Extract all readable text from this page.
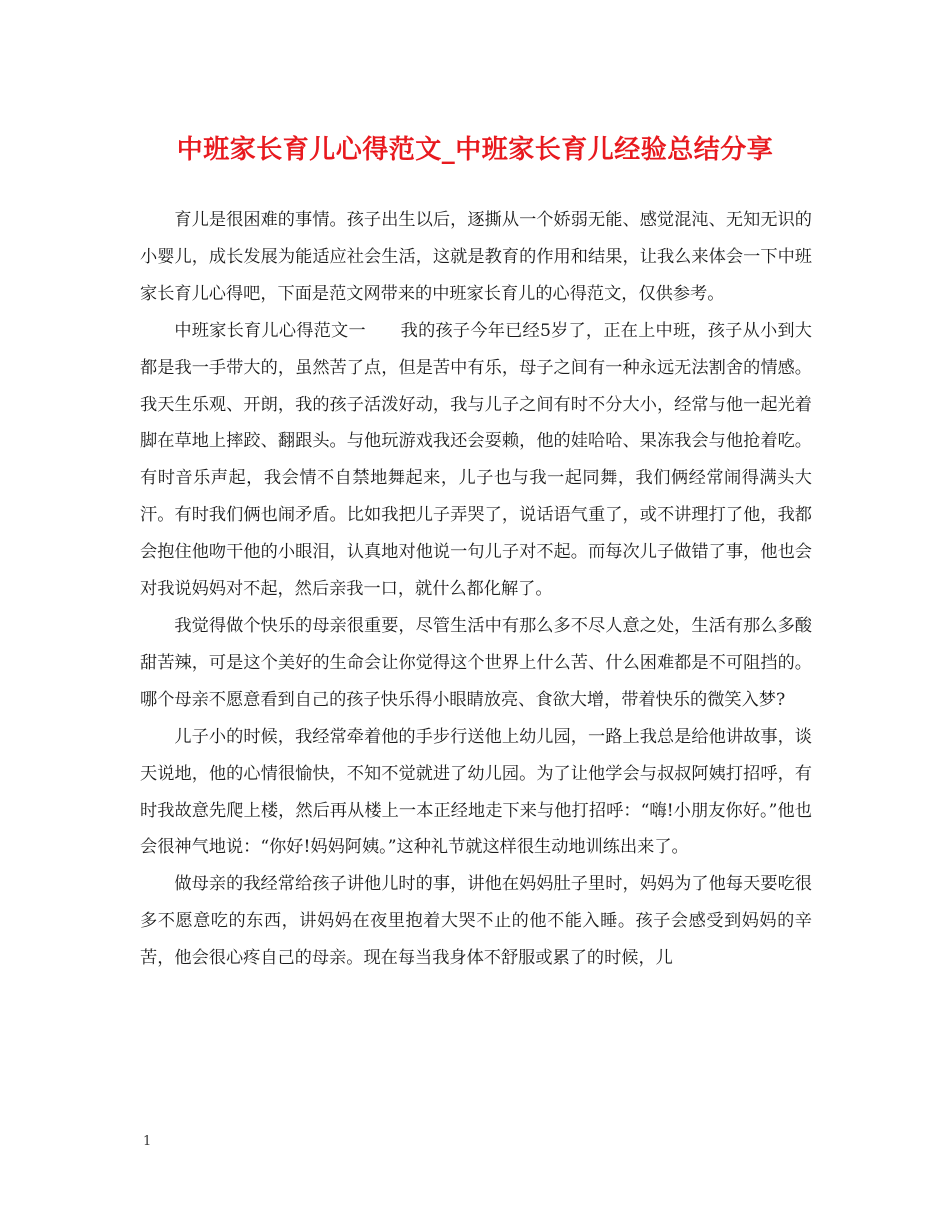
中班家长育儿心得范文_中班家长育儿经验总结分享

育儿是很困难的事情。孩子出生以后，逐撕从一个娇弱无能、感觉混沌、无知无识的小婴儿，成长发展为能适应社会生活，这就是教育的作用和结果，让我么来体会一下中班家长育儿心得吧，下面是范文网带来的中班家长育儿的心得范文，仅供参考。

中班家长育儿心得范文一　　我的孩子今年已经5岁了，正在上中班，孩子从小到大都是我一手带大的，虽然苦了点，但是苦中有乐，母子之间有一种永远无法割舍的情感。我天生乐观、开朗，我的孩子活泼好动，我与儿子之间有时不分大小，经常与他一起光着脚在草地上摔跤、翻跟头。与他玩游戏我还会耍赖，他的娃哈哈、果冻我会与他抢着吃。有时音乐声起，我会情不自禁地舞起来，儿子也与我一起同舞，我们俩经常闹得满头大汗。有时我们俩也闹矛盾。比如我把儿子弄哭了，说话语气重了，或不讲理打了他，我都会抱住他吻干他的小眼泪，认真地对他说一句儿子对不起。而每次儿子做错了事，他也会对我说妈妈对不起，然后亲我一口，就什么都化解了。

我觉得做个快乐的母亲很重要，尽管生活中有那么多不尽人意之处，生活有那么多酸甜苦辣，可是这个美好的生命会让你觉得这个世界上什么苦、什么困难都是不可阻挡的。哪个母亲不愿意看到自己的孩子快乐得小眼睛放亮、食欲大增，带着快乐的微笑入梦?

儿子小的时候，我经常牵着他的手步行送他上幼儿园，一路上我总是给他讲故事，谈天说地，他的心情很愉快，不知不觉就进了幼儿园。为了让他学会与叔叔阿姨打招呼，有时我故意先爬上楼，然后再从楼上一本正经地走下来与他打招呼：“嗨!小朋友你好。”他也会很神气地说：“你好!妈妈阿姨。”这种礼节就这样很生动地训练出来了。

做母亲的我经常给孩子讲他儿时的事，讲他在妈妈肚子里时，妈妈为了他每天要吃很多不愿意吃的东西，讲妈妈在夜里抱着大哭不止的他不能入睡。孩子会感受到妈妈的辛苦，他会很心疼自己的母亲。现在每当我身体不舒服或累了的时候，儿

1
